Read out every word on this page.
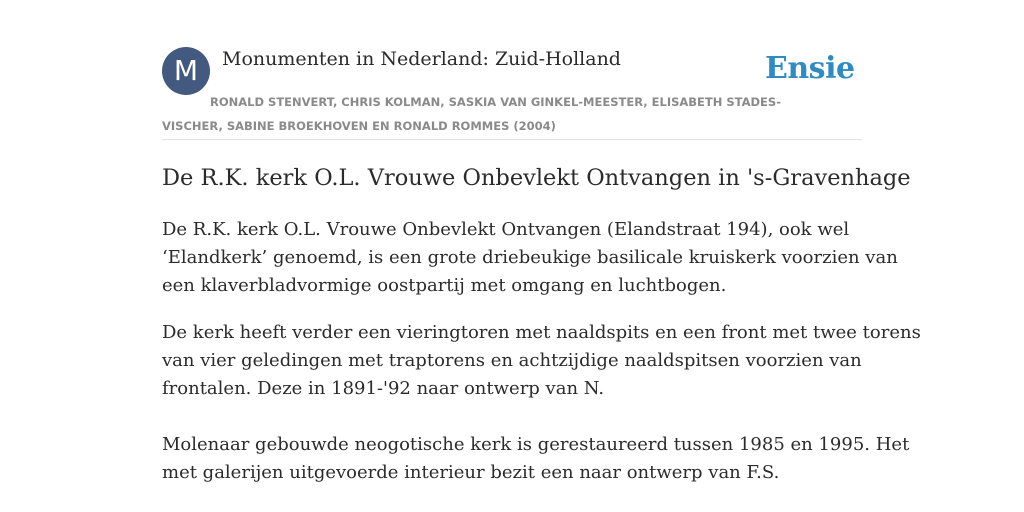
M	Monumenten in Nederland: Zuid-Holland	Ensie
RONALD STENVERT, CHRIS KOLMAN, SASKIA VAN GINKEL-MEESTER, ELISABETH STADES-VISCHER, SABINE BROEKHOVEN EN RONALD ROMMES (2004)
De R.K. kerk O.L. Vrouwe Onbevlekt Ontvangen in 's-Gravenhage
De R.K. kerk O.L. Vrouwe Onbevlekt Ontvangen (Elandstraat 194), ook wel
‘Elandkerk’ genoemd, is een grote driebeukige basilicale kruiskerk voorzien van
een klaverbladvormige oostpartij met omgang en luchtbogen.
De kerk heeft verder een vieringtoren met naaldspits en een front met twee torens
van vier geledingen met traptorens en achtzijdige naaldspitsen voorzien van
frontalen. Deze in 1891-'92 naar ontwerp van N.
Molenaar gebouwde neogotische kerk is gerestaureerd tussen 1985 en 1995. Het
met galerijen uitgevoerde interieur bezit een naar ontwerp van F.S.
